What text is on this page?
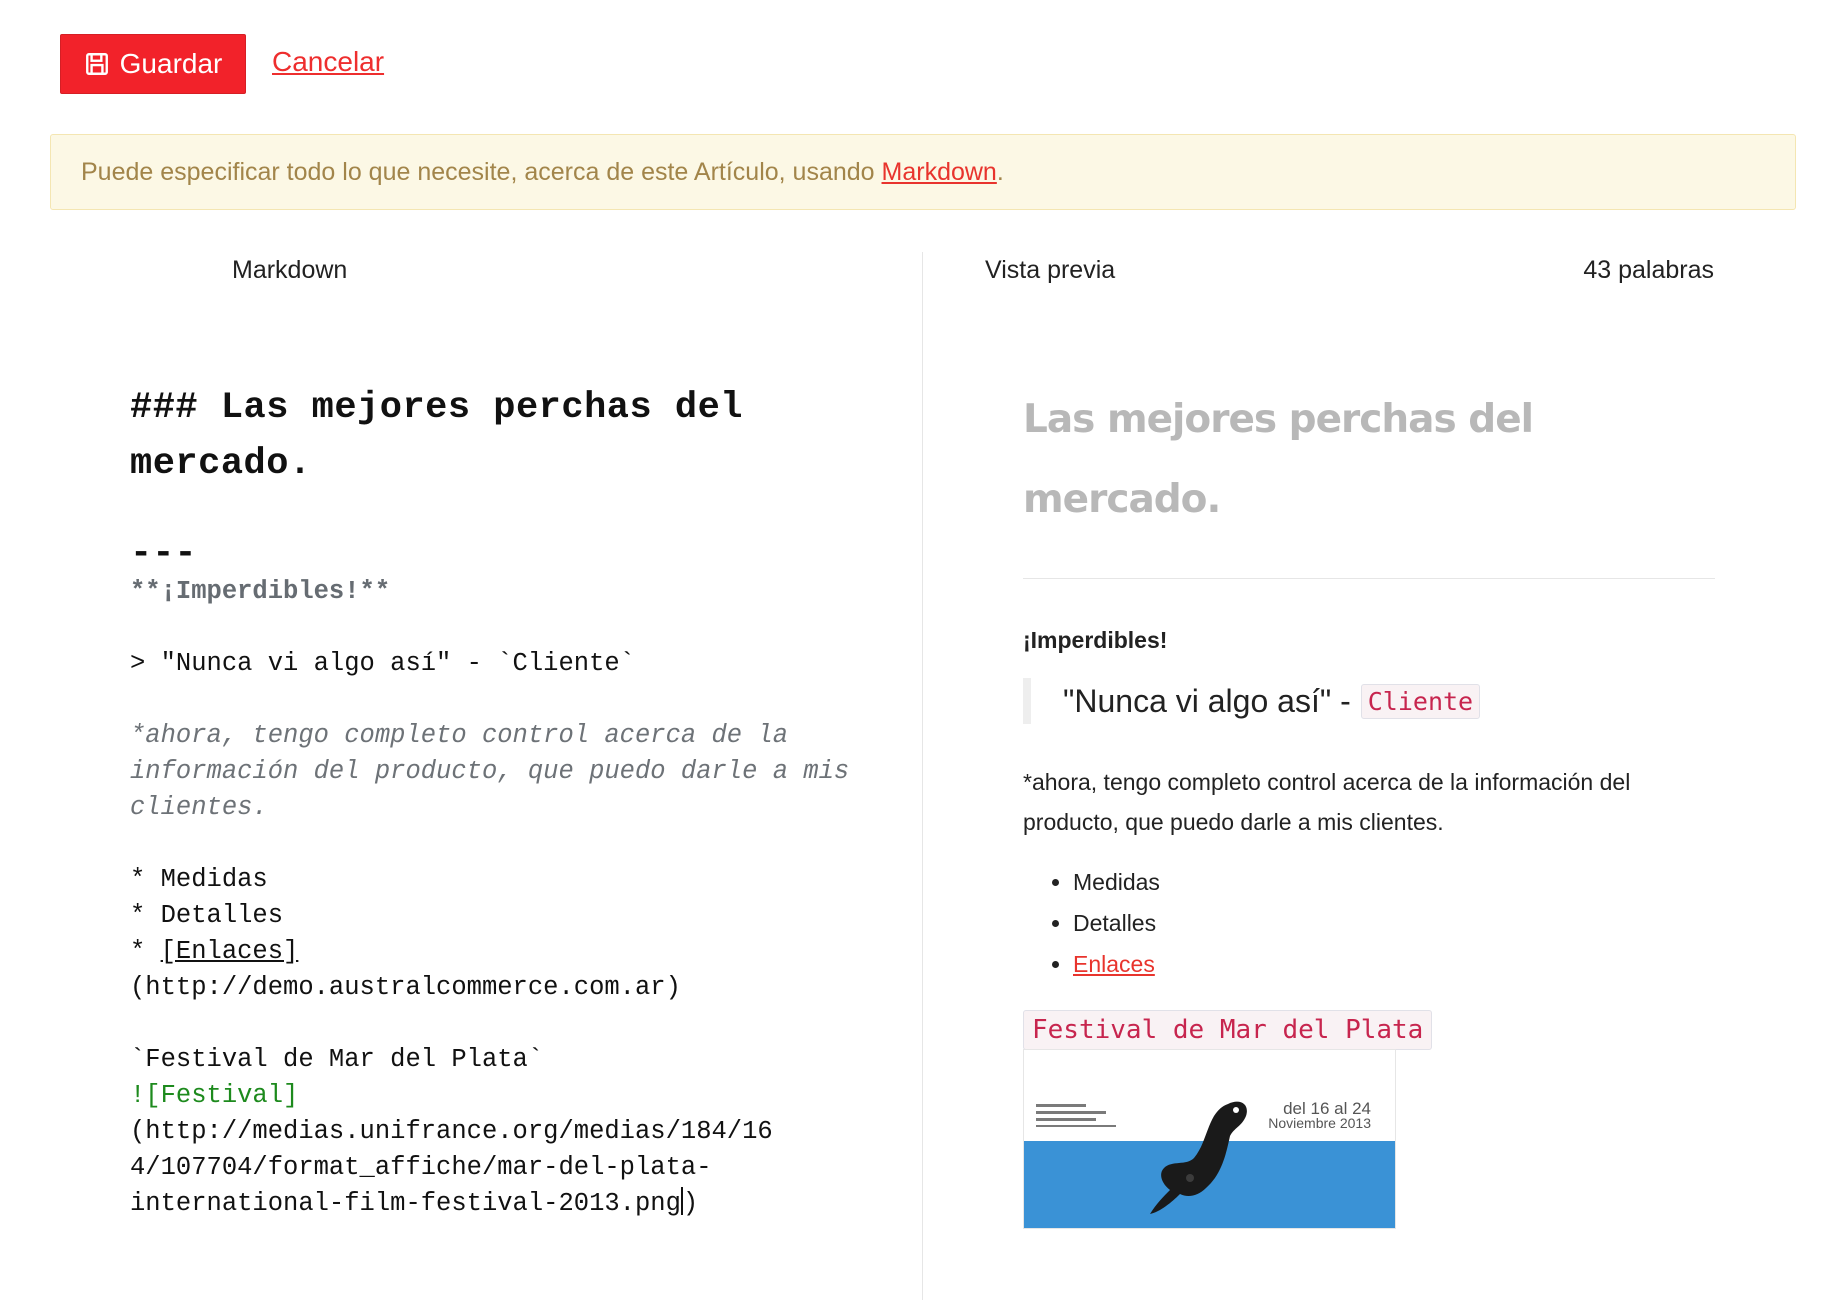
Guardar Cancelar
Puede especificar todo lo que necesite, acerca de este Artículo, usando Markdown.
Markdown	Vista previa	43 palabras
### Las mejores perchas del mercado.
---
**¡Imperdibles!**
> "Nunca vi algo así" - `Cliente`
*ahora, tengo completo control acerca de la información del producto, que puedo darle a mis clientes.
* Medidas
* Detalles
* [Enlaces]
(http://demo.australcommerce.com.ar)
`Festival de Mar del Plata`
![Festival]
(http://medias.unifrance.org/medias/184/16
4/107704/format_affiche/mar-del-plata-
international-film-festival-2013.png)
Las mejores perchas del mercado.
¡Imperdibles!
"Nunca vi algo así" - Cliente
*ahora, tengo completo control acerca de la información del producto, que puedo darle a mis clientes.
• Medidas
• Detalles
• Enlaces
Festival de Mar del Plata
del 16 al 24
Noviembre 2013
